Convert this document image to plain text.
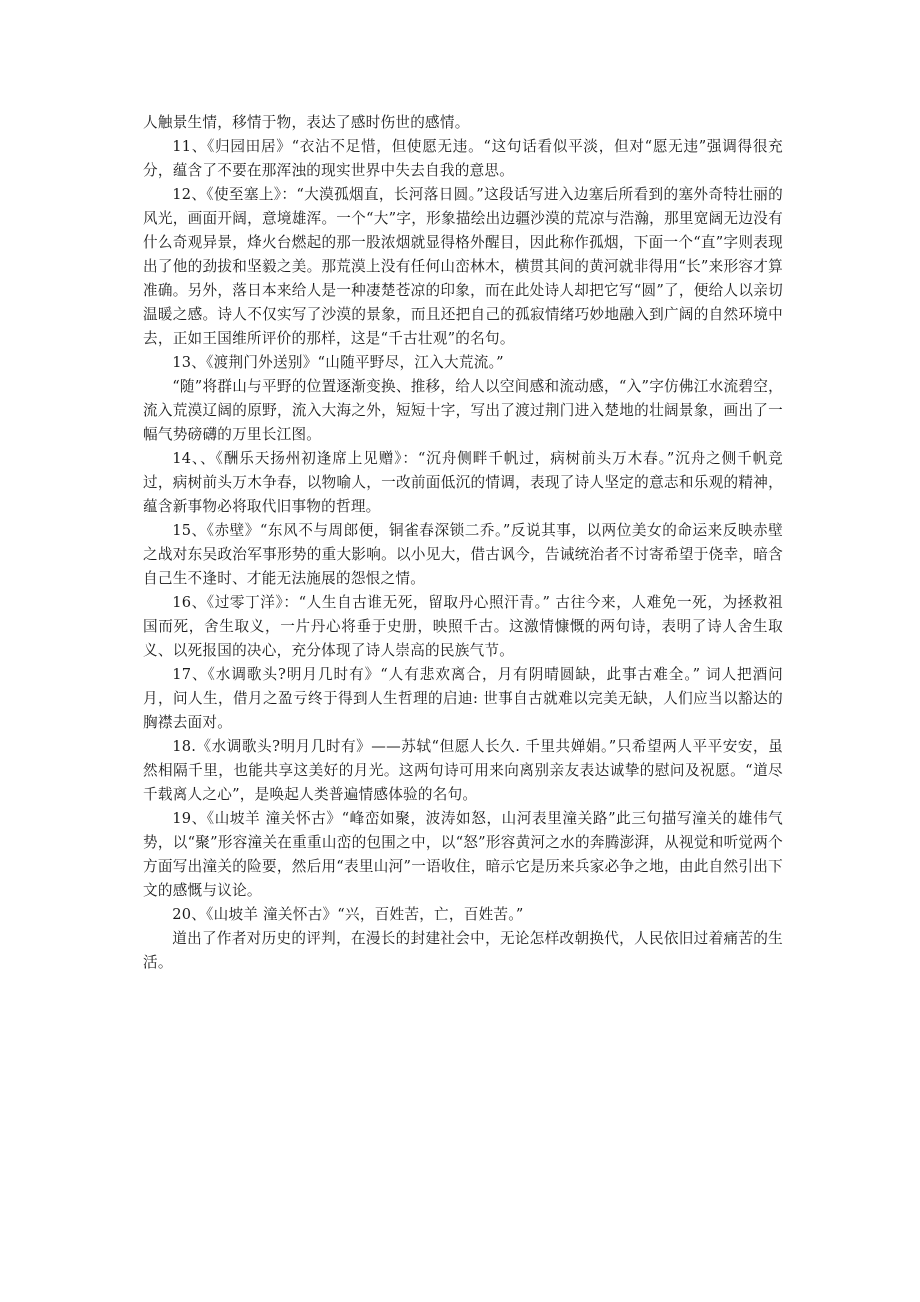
人触景生情，移情于物，表达了感时伤世的感情。

11、《归园田居》“衣沾不足惜，但使愿无违。“这句话看似平淡，但对“愿无违”强调得很充分，蕴含了不要在那浑浊的现实世界中失去自我的意思。

12、《使至塞上》：“大漠孤烟直，长河落日圆。”这段话写进入边塞后所看到的塞外奇特壮丽的风光，画面开阔，意境雄浑。一个“大”字，形象描绘出边疆沙漠的荒凉与浩瀚，那里宽阔无边没有什么奇观异景，烽火台燃起的那一股浓烟就显得格外醒目，因此称作孤烟，下面一个“直”字则表现出了他的劲拔和坚毅之美。那荒漠上没有任何山峦林木，横贯其间的黄河就非得用“长”来形容才算准确。另外，落日本来给人是一种凄楚苍凉的印象，而在此处诗人却把它写“圆”了，便给人以亲切温暖之感。诗人不仅实写了沙漠的景象，而且还把自己的孤寂情绪巧妙地融入到广阔的自然环境中去，正如王国维所评价的那样，这是“千古壮观”的名句。

13、《渡荆门外送别》“山随平野尽，江入大荒流。”

“随”将群山与平野的位置逐渐变换、推移，给人以空间感和流动感，“入”字仿佛江水流碧空，流入荒漠辽阔的原野，流入大海之外，短短十字，写出了渡过荆门进入楚地的壮阔景象，画出了一幅气势磅礴的万里长江图。

14、、《酬乐天扬州初逢席上见赠》：“沉舟侧畔千帆过，病树前头万木春。”沉舟之侧千帆竞过，病树前头万木争春，以物喻人，一改前面低沉的情调，表现了诗人坚定的意志和乐观的精神，蕴含新事物必将取代旧事物的哲理。

15、《赤壁》“东风不与周郎便，铜雀春深锁二乔。”反说其事，以两位美女的命运来反映赤壁之战对东吴政治军事形势的重大影响。以小见大，借古讽今，告诫统治者不讨寄希望于侥幸，暗含自己生不逢时、才能无法施展的怨恨之情。

16、《过零丁洋》：“人生自古谁无死，留取丹心照汗青。” 古往今来，人难免一死，为拯救祖国而死，舍生取义，一片丹心将垂于史册，映照千古。这激情慷慨的两句诗，表明了诗人舍生取义、以死报国的决心，充分体现了诗人崇高的民族气节。

17、《水调歌头?明月几时有》“人有悲欢离合，月有阴晴圆缺，此事古难全。” 词人把酒问月，问人生，借月之盈亏终于得到人生哲理的启迪: 世事自古就难以完美无缺，人们应当以豁达的胸襟去面对。

18.《水调歌头?明月几时有》——苏轼“但愿人长久. 千里共婵娟。”只希望两人平平安安，虽然相隔千里，也能共享这美好的月光。这两句诗可用来向离别亲友表达诚挚的慰问及祝愿。“道尽千载离人之心”，是唤起人类普遍情感体验的名句。

19、《山坡羊 潼关怀古》“峰峦如聚，波涛如怒，山河表里潼关路”此三句描写潼关的雄伟气势，以“聚”形容潼关在重重山峦的包围之中，以“怒”形容黄河之水的奔腾澎湃，从视觉和听觉两个方面写出潼关的险要，然后用“表里山河”一语收住，暗示它是历来兵家必争之地，由此自然引出下文的感慨与议论。

20、《山坡羊 潼关怀古》“兴，百姓苦，亡，百姓苦。”

道出了作者对历史的评判，在漫长的封建社会中，无论怎样改朝换代，人民依旧过着痛苦的生活。
